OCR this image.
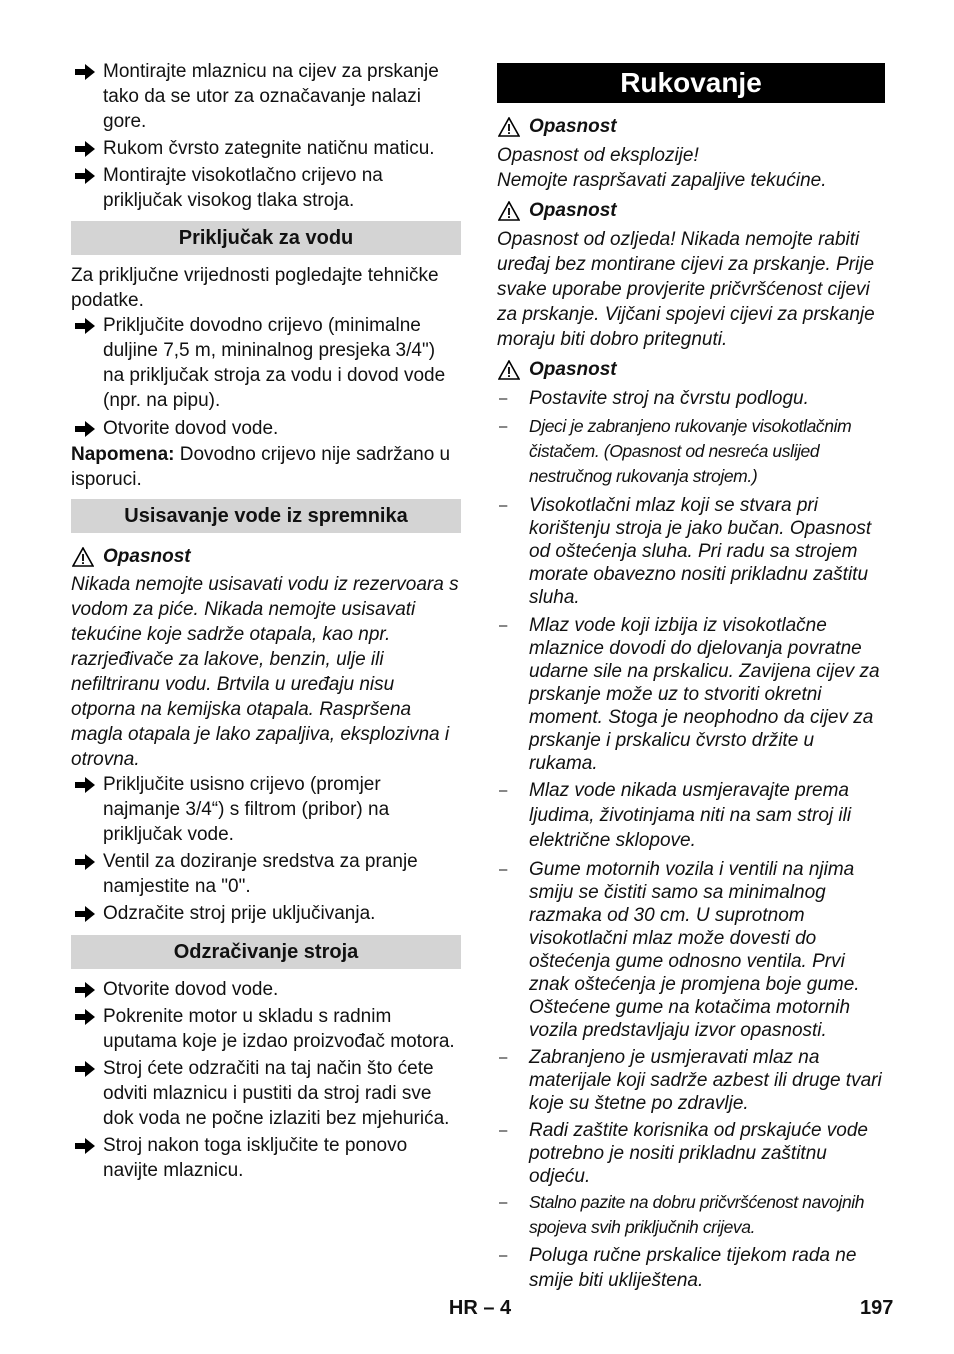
Montirajte mlaznicu na cijev za prskanje tako da se utor za označavanje nalazi gore.
Rukom čvrsto zategnite natičnu maticu.
Montirajte visokotlačno crijevo na priključak visokog tlaka stroja.
Priključak za vodu

Za priključne vrijednosti pogledajte tehničke podatke.

Priključite dovodno crijevo (minimalne duljine 7,5 m, mininalnog presjeka 3/4") na priključak stroja za vodu i dovod vode (npr. na pipu).
Otvorite dovod vode.

Napomena: Dovodno crijevo nije sadržano u isporuci.

Usisavanje vode iz spremnika
Opasnost

Nikada nemojte usisavati vodu iz rezervoara s vodom za piće. Nikada nemojte usisavati tekućine koje sadrže otapala, kao npr. razrjeđivače za lakove, benzin, ulje ili nefiltriranu vodu. Brtvila u uređaju nisu otporna na kemijska otapala. Raspršena magla otapala je lako zapaljiva, eksplozivna i otrovna.

Priključite usisno crijevo (promjer najmanje 3/4“) s filtrom (pribor) na priključak vode.
Ventil za doziranje sredstva za pranje namjestite na "0".
Odzračite stroj prije uključivanja.
Odzračivanje stroja
Otvorite dovod vode.
Pokrenite motor u skladu s radnim uputama koje je izdao proizvođač motora.
Stroj ćete odzračiti na taj način što ćete odviti mlaznicu i pustiti da stroj radi sve dok voda ne počne izlaziti bez mjehurića.
Stroj nakon toga isključite te ponovo navijte mlaznicu.
Rukovanje
Opasnost

Opasnost od eksplozije!

Nemojte raspršavati zapaljive tekućine.

Opasnost

Opasnost od ozljeda! Nikada nemojte rabiti uređaj bez montirane cijevi za prskanje. Prije svake uporabe provjerite pričvršćenost cijevi za prskanje. Vijčani spojevi cijevi za prskanje moraju biti dobro pritegnuti.

Opasnost
– Postavite stroj na čvrstu podlogu.
– Djeci je zabranjeno rukovanje visokotlačnim čistačem. (Opasnost od nesreća uslijed nestručnog rukovanja strojem.)
– Visokotlačni mlaz koji se stvara pri korištenju stroja je jako bučan. Opasnost od oštećenja sluha. Pri radu sa strojem morate obavezno nositi prikladnu zaštitu sluha.
– Mlaz vode koji izbija iz visokotlačne mlaznice dovodi do djelovanja povratne udarne sile na prskalicu. Zavijena cijev za prskanje može uz to stvoriti okretni moment. Stoga je neophodno da cijev za prskanje i prskalicu čvrsto držite u rukama.
– Mlaz vode nikada usmjeravajte prema ljudima, životinjama niti na sam stroj ili električne sklopove.
– Gume motornih vozila i ventili na njima smiju se čistiti samo sa minimalnog razmaka od 30 cm. U suprotnom visokotlačni mlaz može dovesti do oštećenja gume odnosno ventila. Prvi znak oštećenja je promjena boje gume. Oštećene gume na kotačima motornih vozila predstavljaju izvor opasnosti.
– Zabranjeno je usmjeravati mlaz na materijale koji sadrže azbest ili druge tvari koje su štetne po zdravlje.
– Radi zaštite korisnika od prskajuće vode potrebno je nositi prikladnu zaštitnu odjeću.
– Stalno pazite na dobru pričvršćenost navojnih spojeva svih priključnih crijeva.
– Poluga ručne prskalice tijekom rada ne smije biti ukliještena.
HR – 4	197
